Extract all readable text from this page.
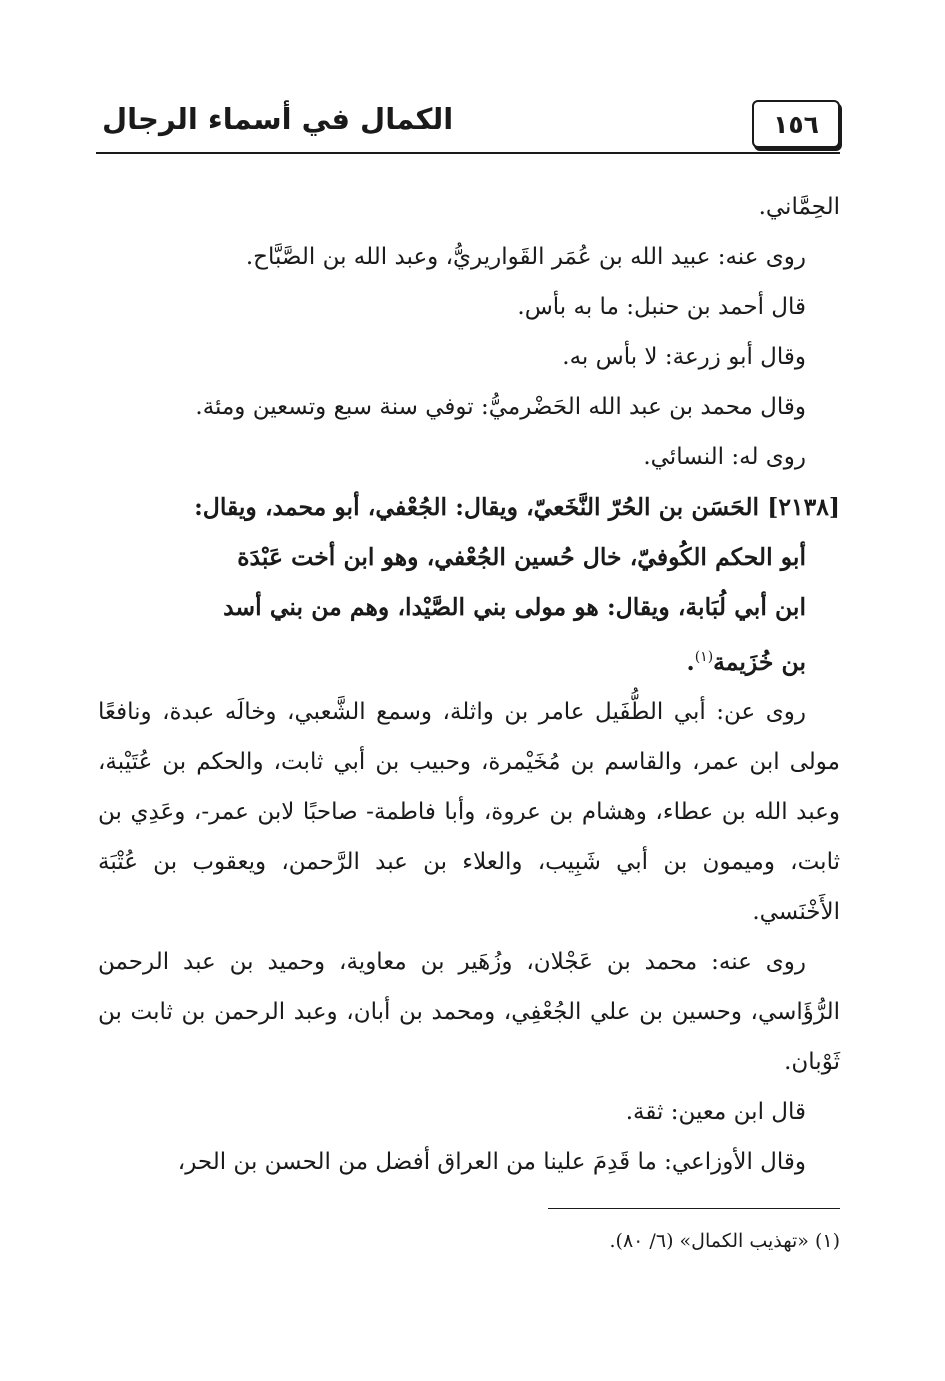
١٥٦
الكمال في أسماء الرجال

الحِمَّاني.

روى عنه: عبيد الله بن عُمَر القَواريريُّ، وعبد الله بن الصَّبَّاح.

قال أحمد بن حنبل: ما به بأس.

وقال أبو زرعة: لا بأس به.

وقال محمد بن عبد الله الحَضْرميُّ: توفي سنة سبع وتسعين ومئة.

روى له: النسائي.

[٢١٣٨] الحَسَن بن الحُرّ النَّخَعيّ، ويقال: الجُعْفي، أبو محمد، ويقال:

أبو الحكم الكُوفيّ، خال حُسين الجُعْفي، وهو ابن أخت عَبْدَة

ابن أبي لُبَابة، ويقال: هو مولى بني الصَّيْدا، وهم من بني أسد

بن خُزَيمة$^{(١)}$.

روى عن: أبي الطُّفَيل عامر بن واثلة، وسمع الشَّعبي، وخالَه عبدة، ونافعًا مولى ابن عمر، والقاسم بن مُخَيْمرة، وحبيب بن أبي ثابت، والحكم بن عُتَيْبة، وعبد الله بن عطاء، وهشام بن عروة، وأبا فاطمة- صاحبًا لابن عمر-، وعَدِي بن ثابت، وميمون بن أبي شَبِيب، والعلاء بن عبد الرَّحمن، ويعقوب بن عُتْبَة الأَخْنَسي.

روى عنه: محمد بن عَجْلان، وزُهَير بن معاوية، وحميد بن عبد الرحمن الرُّؤَاسي، وحسين بن علي الجُعْفِي، ومحمد بن أبان، وعبد الرحمن بن ثابت بن ثَوْبان.

قال ابن معين: ثقة.

وقال الأوزاعي: ما قَدِمَ علينا من العراق أفضل من الحسن بن الحر،

(١) «تهذيب الكمال» (٦/ ٨٠).
